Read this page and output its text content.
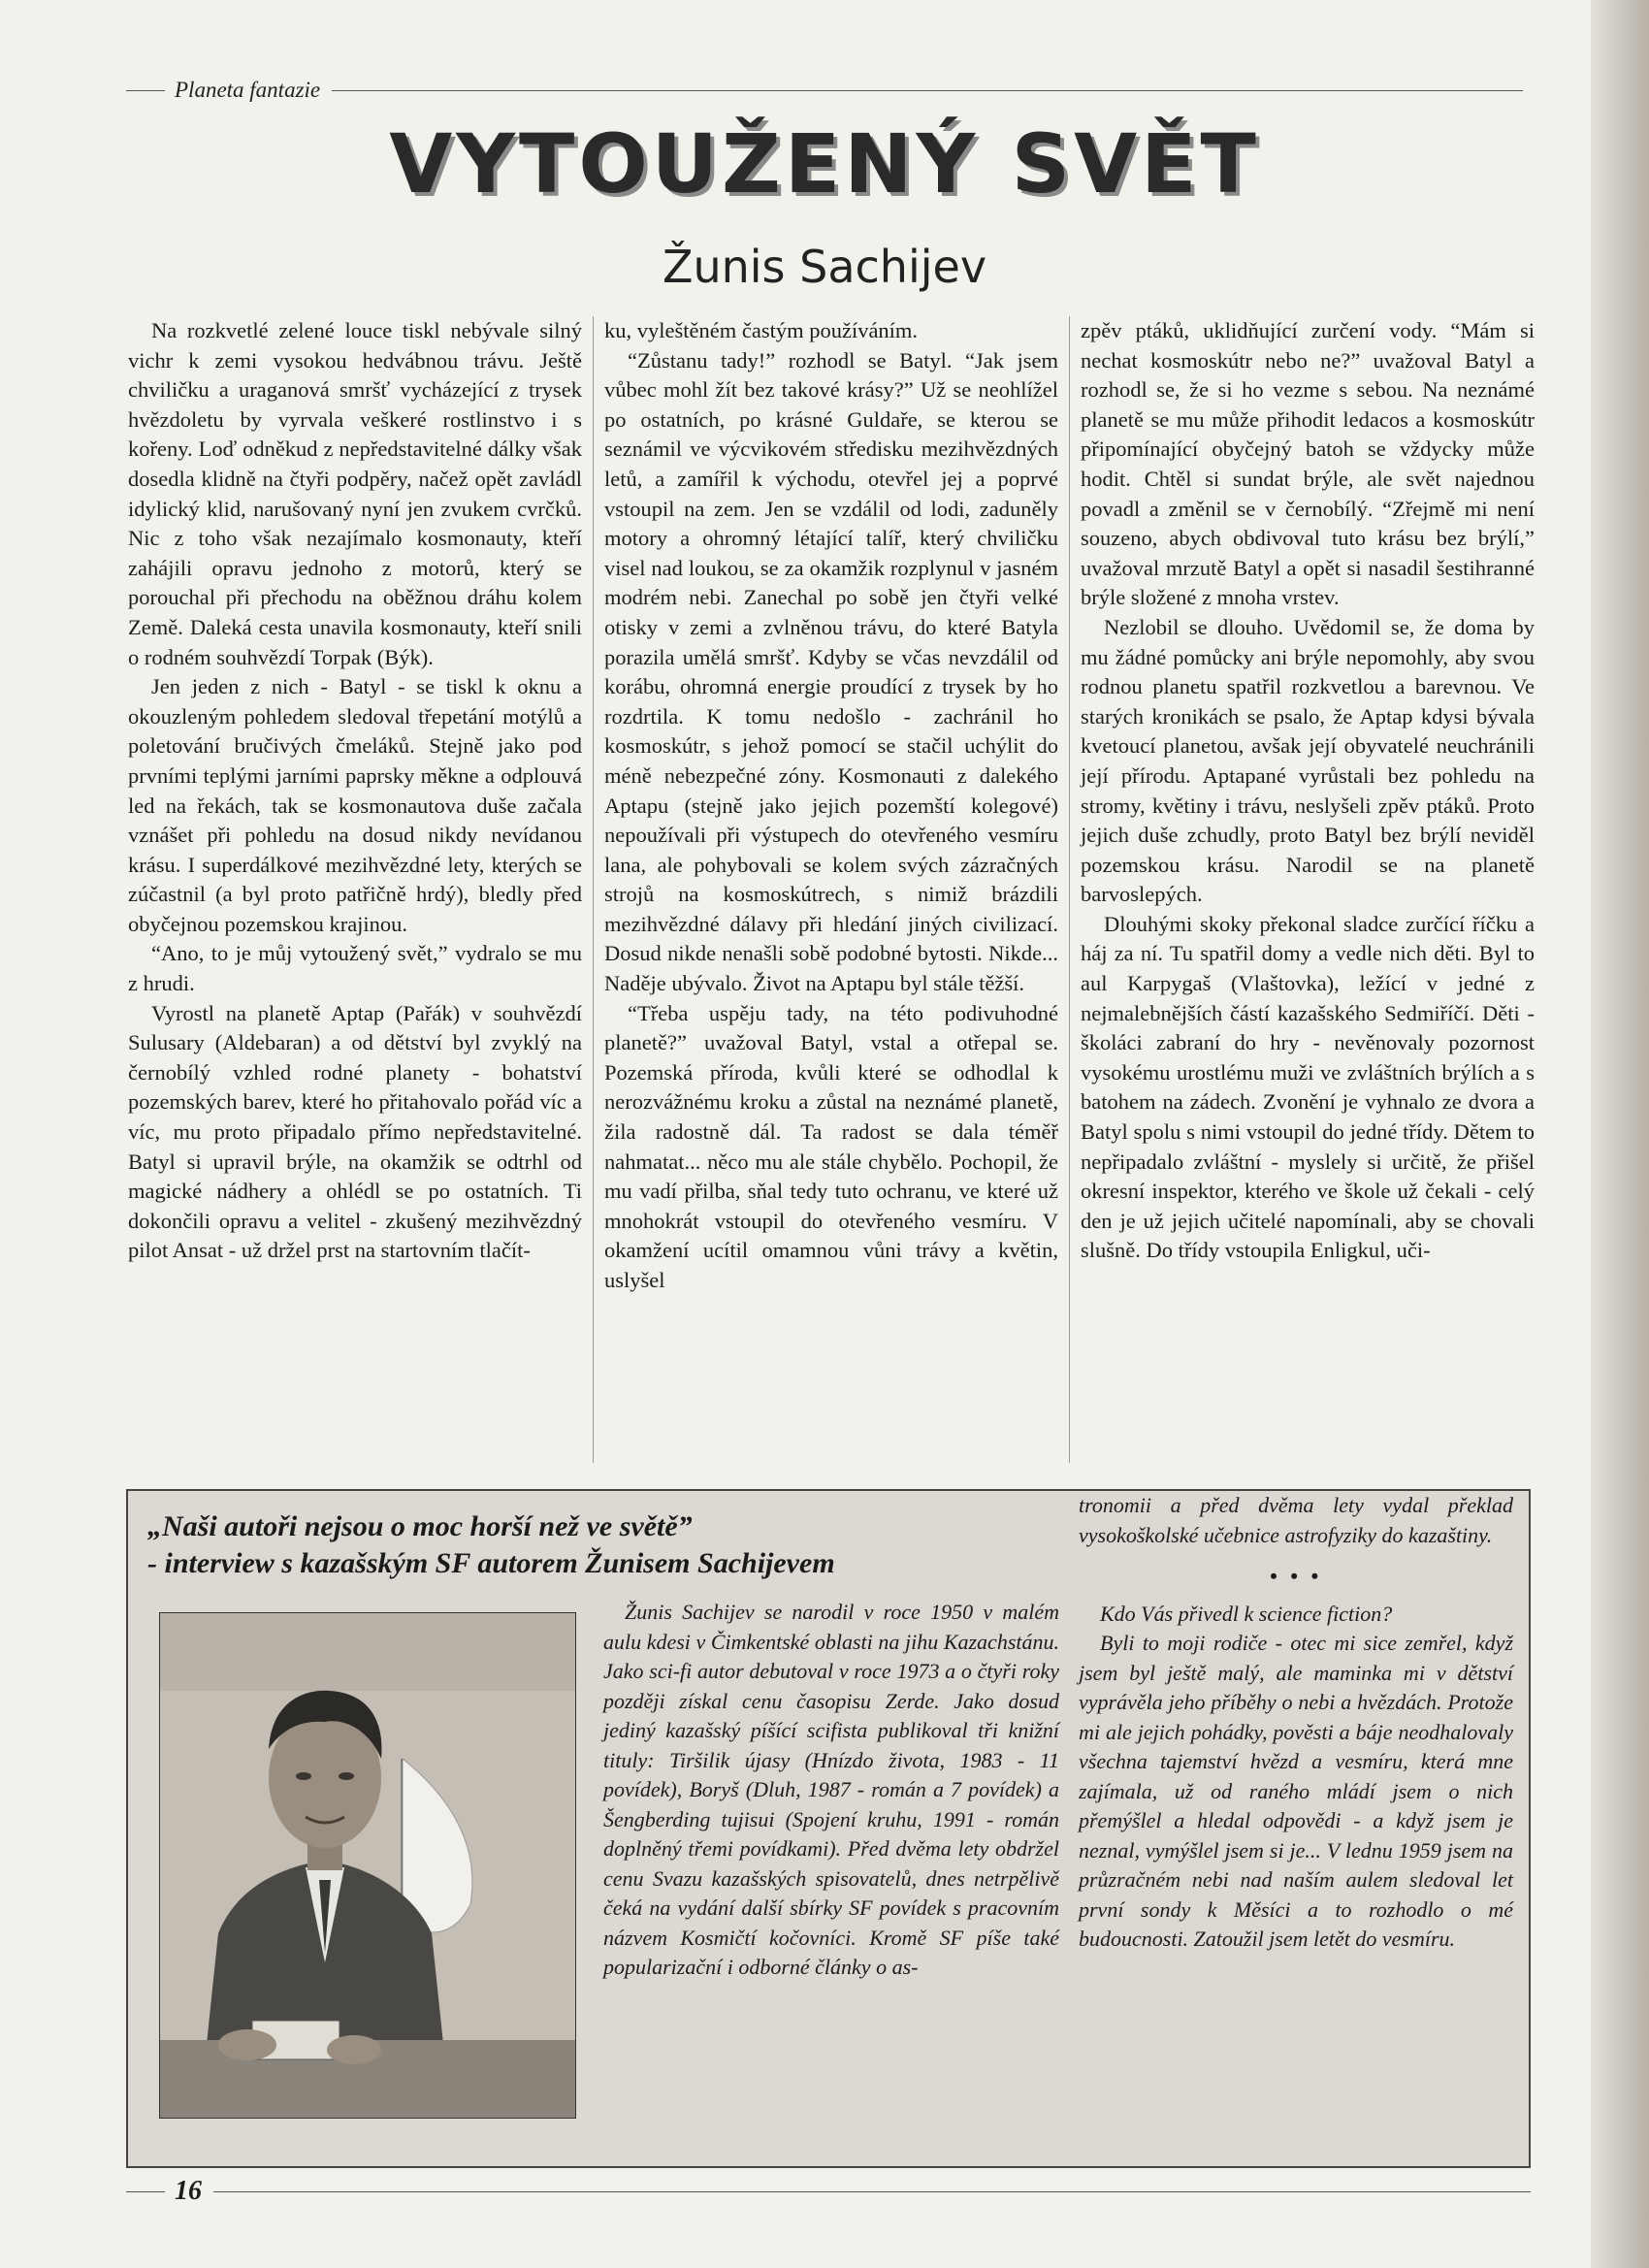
Planeta fantazie
VYTOUŽENÝ SVĚT
Žunis Sachijev

Na rozkvetlé zelené louce tiskl nebývale silný vichr k zemi vysokou hedvábnou trávu. Ještě chviličku a uraganová smršť vycházející z trysek hvězdoletu by vyrvala veškeré rostlinstvo i s kořeny. Loď odněkud z nepředstavitelné dálky však dosedla klidně na čtyři podpěry, načež opět zavládl idylický klid, narušovaný nyní jen zvukem cvrčků. Nic z toho však nezajímalo kosmonauty, kteří zahájili opravu jednoho z motorů, který se porouchal při přechodu na oběžnou dráhu kolem Země. Daleká cesta unavila kosmonauty, kteří snili o rodném souhvězdí Torpak (Býk).

Jen jeden z nich - Batyl - se tiskl k oknu a okouzleným pohledem sledoval třepetání motýlů a poletování bručivých čmeláků. Stejně jako pod prvními teplými jarními paprsky měkne a odplouvá led na řekách, tak se kosmonautova duše začala vznášet při pohledu na dosud nikdy nevídanou krásu. I superdálkové mezihvězdné lety, kterých se zúčastnil (a byl proto patřičně hrdý), bledly před obyčejnou pozemskou krajinou.

“Ano, to je můj vytoužený svět,” vydralo se mu z hrudi.

Vyrostl na planetě Aptap (Pařák) v souhvězdí Sulusary (Aldebaran) a od dětství byl zvyklý na černobílý vzhled rodné planety - bohatství pozemských barev, které ho přitahovalo pořád víc a víc, mu proto připadalo přímo nepředstavitelné. Batyl si upravil brýle, na okamžik se odtrhl od magické nádhery a ohlédl se po ostatních. Ti dokončili opravu a velitel - zkušený mezihvězdný pilot Ansat - už držel prst na startovním tlačít-

ku, vyleštěném častým používáním.

“Zůstanu tady!” rozhodl se Batyl. “Jak jsem vůbec mohl žít bez takové krásy?” Už se neohlížel po ostatních, po krásné Guldaře, se kterou se seznámil ve výcvikovém středisku mezihvězdných letů, a zamířil k východu, otevřel jej a poprvé vstoupil na zem. Jen se vzdálil od lodi, zaduněly motory a ohromný létající talíř, který chviličku visel nad loukou, se za okamžik rozplynul v jasném modrém nebi. Zanechal po sobě jen čtyři velké otisky v zemi a zvlněnou trávu, do které Batyla porazila umělá smršť. Kdyby se včas nevzdálil od korábu, ohromná energie proudící z trysek by ho rozdrtila. K tomu nedošlo - zachránil ho kosmoskútr, s jehož pomocí se stačil uchýlit do méně nebezpečné zóny. Kosmonauti z dalekého Aptapu (stejně jako jejich pozemští kolegové) nepoužívali při výstupech do otevřeného vesmíru lana, ale pohybovali se kolem svých zázračných strojů na kosmoskútrech, s nimiž brázdili mezihvězdné dálavy při hledání jiných civilizací. Dosud nikde nenašli sobě podobné bytosti. Nikde... Naděje ubývalo. Život na Aptapu byl stále těžší.

“Třeba uspěju tady, na této podivuhodné planetě?” uvažoval Batyl, vstal a otřepal se. Pozemská příroda, kvůli které se odhodlal k nerozvážnému kroku a zůstal na neznámé planetě, žila radostně dál. Ta radost se dala téměř nahmatat... něco mu ale stále chybělo. Pochopil, že mu vadí přilba, sňal tedy tuto ochranu, ve které už mnohokrát vstoupil do otevřeného vesmíru. V okamžení ucítil omamnou vůni trávy a květin, uslyšel

zpěv ptáků, uklidňující zurčení vody. “Mám si nechat kosmoskútr nebo ne?” uvažoval Batyl a rozhodl se, že si ho vezme s sebou. Na neznámé planetě se mu může přihodit ledacos a kosmoskútr připomínající obyčejný batoh se vždycky může hodit. Chtěl si sundat brýle, ale svět najednou povadl a změnil se v černobílý. “Zřejmě mi není souzeno, abych obdivoval tuto krásu bez brýlí,” uvažoval mrzutě Batyl a opět si nasadil šestihranné brýle složené z mnoha vrstev.

Nezlobil se dlouho. Uvědomil se, že doma by mu žádné pomůcky ani brýle nepomohly, aby svou rodnou planetu spatřil rozkvetlou a barevnou. Ve starých kronikách se psalo, že Aptap kdysi bývala kvetoucí planetou, avšak její obyvatelé neuchránili její přírodu. Aptapané vyrůstali bez pohledu na stromy, květiny i trávu, neslyšeli zpěv ptáků. Proto jejich duše zchudly, proto Batyl bez brýlí neviděl pozemskou krásu. Narodil se na planetě barvoslepých.

Dlouhými skoky překonal sladce zurčící říčku a háj za ní. Tu spatřil domy a vedle nich děti. Byl to aul Karpygaš (Vlaštovka), ležící v jedné z nejmalebnějších částí kazašského Sedmiříčí. Děti - školáci zabraní do hry - nevěnovaly pozornost vysokému urostlému muži ve zvláštních brýlích a s batohem na zádech. Zvonění je vyhnalo ze dvora a Batyl spolu s nimi vstoupil do jedné třídy. Dětem to nepřipadalo zvláštní - myslely si určitě, že přišel okresní inspektor, kterého ve škole už čekali - celý den je už jejich učitelé napomínali, aby se chovali slušně. Do třídy vstoupila Enligkul, uči-

„Naši autoři nejsou o moc horší než ve světě”
- interview s kazašským SF autorem Žunisem Sachijevem

Žunis Sachijev se narodil v roce 1950 v malém aulu kdesi v Čimkentské oblasti na jihu Kazachstánu. Jako sci-fi autor debutoval v roce 1973 a o čtyři roky později získal cenu časopisu Zerde. Jako dosud jediný kazašský píšící scifista publikoval tři knižní tituly: Tiršilik újasy (Hnízdo života, 1983 - 11 povídek), Boryš (Dluh, 1987 - román a 7 povídek) a Šengberding tujisui (Spojení kruhu, 1991 - román doplněný třemi povídkami). Před dvěma lety obdržel cenu Svazu kazašských spisovatelů, dnes netrpělivě čeká na vydání další sbírky SF povídek s pracovním názvem Kosmičtí kočovníci. Kromě SF píše také popularizační i odborné články o as-

tronomii a před dvěma lety vydal překlad vysokoškolské učebnice astrofyziky do kazaštiny.

• • •

Kdo Vás přivedl k science fiction?

Byli to moji rodiče - otec mi sice zemřel, když jsem byl ještě malý, ale maminka mi v dětství vyprávěla jeho příběhy o nebi a hvězdách. Protože mi ale jejich pohádky, pověsti a báje neodhalovaly všechna tajemství hvězd a vesmíru, která mne zajímala, už od raného mládí jsem o nich přemýšlel a hledal odpovědi - a když jsem je neznal, vymýšlel jsem si je... V lednu 1959 jsem na průzračném nebi nad naším aulem sledoval let první sondy k Měsíci a to rozhodlo o mé budoucnosti. Zatoužil jsem letět do vesmíru.

16
